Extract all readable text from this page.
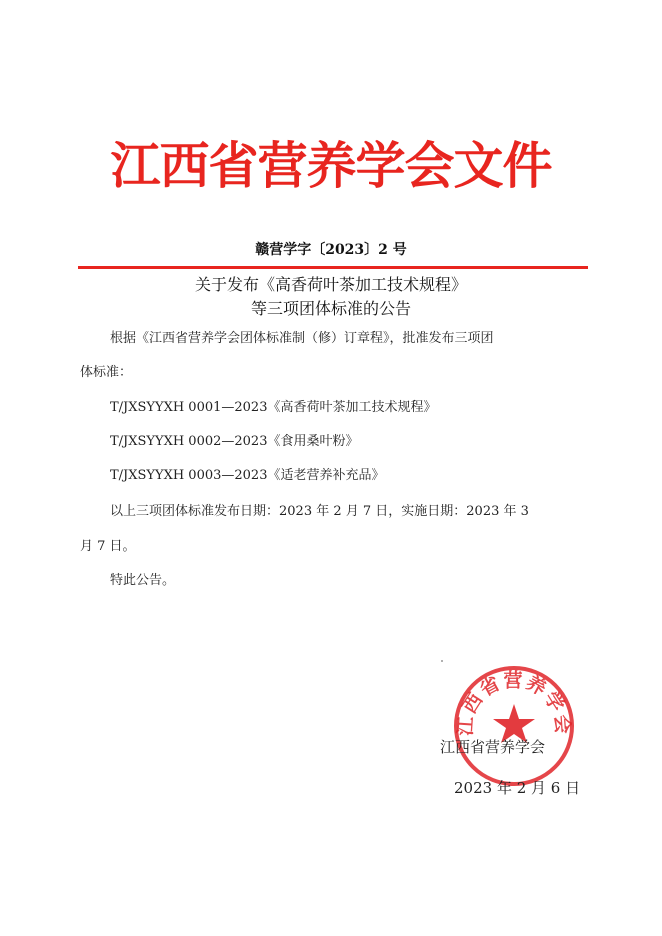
江西省营养学会文件
赣营学字〔2023〕2 号
关于发布《高香荷叶茶加工技术规程》
等三项团体标准的公告
根据《江西省营养学会团体标准制（修）订章程》，批准发布三项团
体标准：
T/JXSYYXH 0001—2023《高香荷叶茶加工技术规程》
T/JXSYYXH 0002—2023《食用桑叶粉》
T/JXSYYXH 0003—2023《适老营养补充品》
以上三项团体标准发布日期：2023 年 2 月 7 日，实施日期：2023 年 3
月 7 日。
特此公告。
江西省营养学会
江西省营养学会
2023 年 2 月 6 日
